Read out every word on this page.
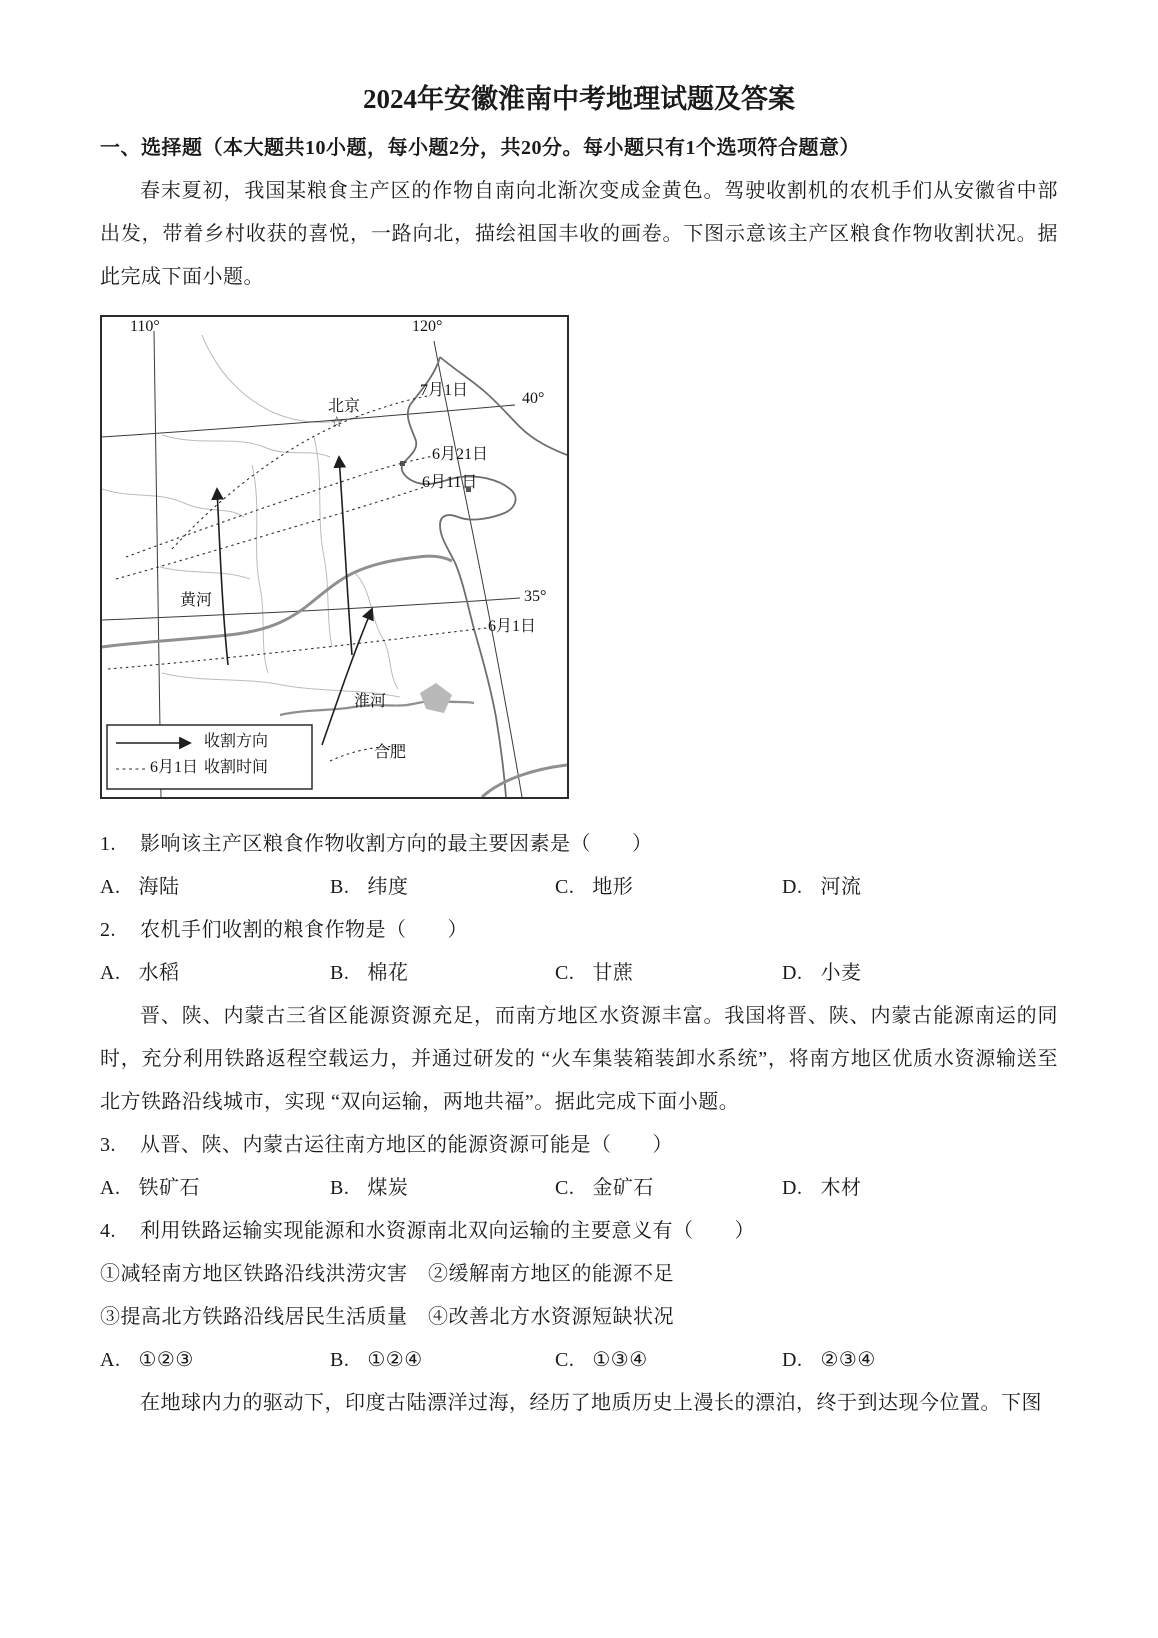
2024年安徽淮南中考地理试题及答案
一、选择题（本大题共10小题，每小题2分，共20分。每小题只有1个选项符合题意）

春末夏初，我国某粮食主产区的作物自南向北渐次变成金黄色。驾驶收割机的农机手们从安徽省中部出发，带着乡村收获的喜悦，一路向北，描绘祖国丰收的画卷。下图示意该主产区粮食作物收割状况。据此完成下面小题。

110°	120°
7月1日	40°
北京
☆
6月21日
6月11日
黄河	35°
6月1日
淮河
合肥
收割方向
6月1日 收割时间
1.	影响该主产区粮食作物收割方向的最主要因素是（　　）
A. 海陆	B. 纬度	C. 地形	D. 河流
2.	农机手们收割的粮食作物是（　　）
A. 水稻	B. 棉花	C. 甘蔗	D. 小麦

晋、陕、内蒙古三省区能源资源充足，而南方地区水资源丰富。我国将晋、陕、内蒙古能源南运的同时，充分利用铁路返程空载运力，并通过研发的 “火车集装箱装卸水系统”，将南方地区优质水资源输送至北方铁路沿线城市，实现 “双向运输，两地共福”。据此完成下面小题。

3.	从晋、陕、内蒙古运往南方地区的能源资源可能是（　　）
A. 铁矿石	B. 煤炭	C. 金矿石	D. 木材
4.	利用铁路运输实现能源和水资源南北双向运输的主要意义有（　　）
①减轻南方地区铁路沿线洪涝灾害　②缓解南方地区的能源不足
③提高北方铁路沿线居民生活质量　④改善北方水资源短缺状况
A. ①②③	B. ①②④	C. ①③④	D. ②③④

在地球内力的驱动下，印度古陆漂洋过海，经历了地质历史上漫长的漂泊，终于到达现今位置。下图
